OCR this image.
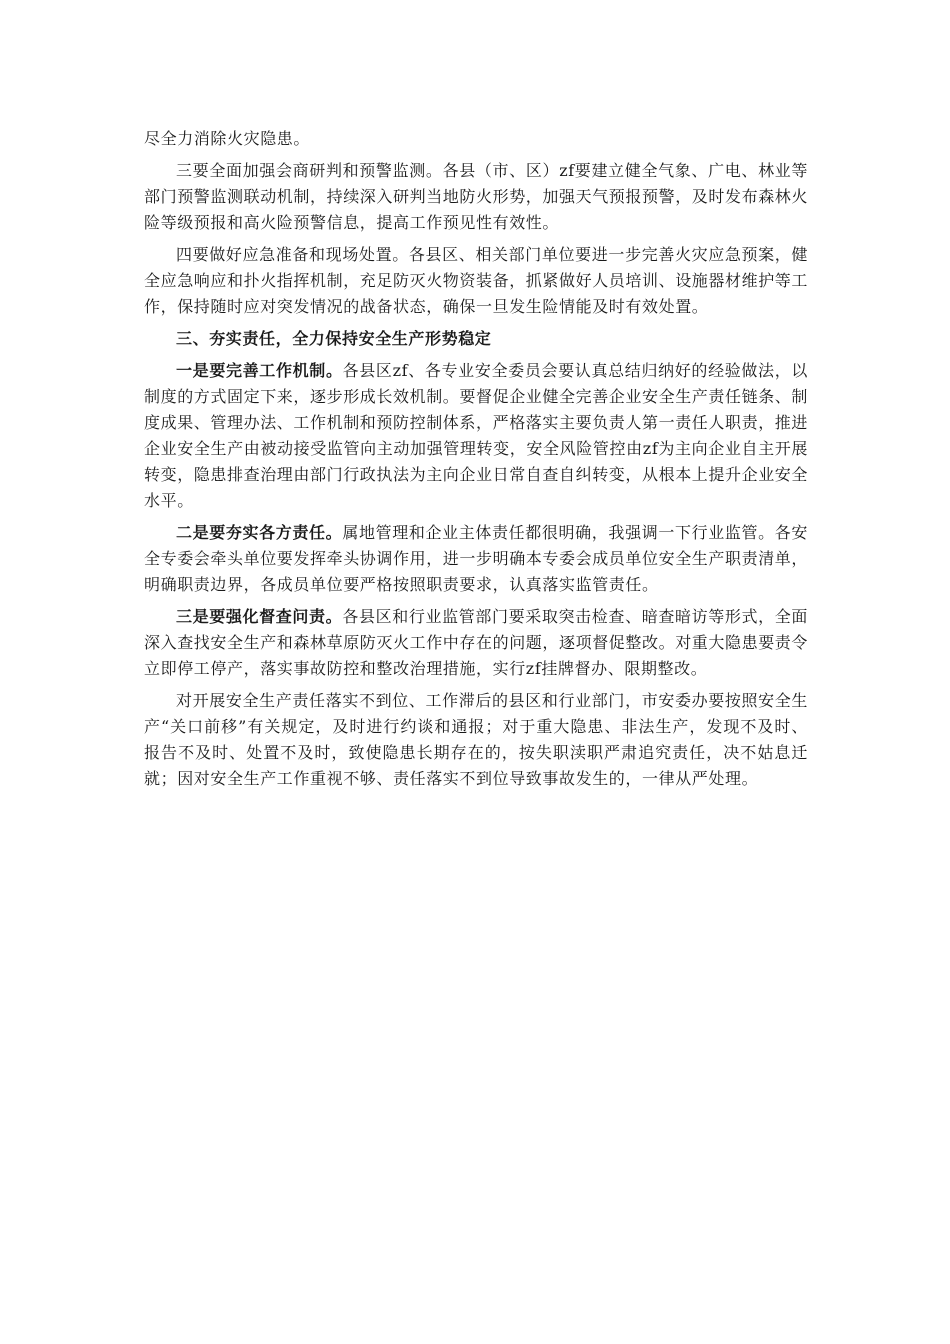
尽全力消除火灾隐患。

三要全面加强会商研判和预警监测。各县（市、区）zf要建立健全气象、广电、林业等部门预警监测联动机制，持续深入研判当地防火形势，加强天气预报预警，及时发布森林火险等级预报和高火险预警信息，提高工作预见性有效性。

四要做好应急准备和现场处置。各县区、相关部门单位要进一步完善火灾应急预案，健全应急响应和扑火指挥机制，充足防灭火物资装备，抓紧做好人员培训、设施器材维护等工作，保持随时应对突发情况的战备状态，确保一旦发生险情能及时有效处置。

三、夯实责任，全力保持安全生产形势稳定

一是要完善工作机制。各县区zf、各专业安全委员会要认真总结归纳好的经验做法，以制度的方式固定下来，逐步形成长效机制。要督促企业健全完善企业安全生产责任链条、制度成果、管理办法、工作机制和预防控制体系，严格落实主要负责人第一责任人职责，推进企业安全生产由被动接受监管向主动加强管理转变，安全风险管控由zf为主向企业自主开展转变，隐患排查治理由部门行政执法为主向企业日常自查自纠转变，从根本上提升企业安全水平。

二是要夯实各方责任。属地管理和企业主体责任都很明确，我强调一下行业监管。各安全专委会牵头单位要发挥牵头协调作用，进一步明确本专委会成员单位安全生产职责清单，明确职责边界，各成员单位要严格按照职责要求，认真落实监管责任。

三是要强化督查问责。各县区和行业监管部门要采取突击检查、暗查暗访等形式，全面深入查找安全生产和森林草原防灭火工作中存在的问题，逐项督促整改。对重大隐患要责令立即停工停产，落实事故防控和整改治理措施，实行zf挂牌督办、限期整改。

对开展安全生产责任落实不到位、工作滞后的县区和行业部门，市安委办要按照安全生产“关口前移”有关规定，及时进行约谈和通报；对于重大隐患、非法生产，发现不及时、报告不及时、处置不及时，致使隐患长期存在的，按失职渎职严肃追究责任，决不姑息迁就；因对安全生产工作重视不够、责任落实不到位导致事故发生的，一律从严处理。
